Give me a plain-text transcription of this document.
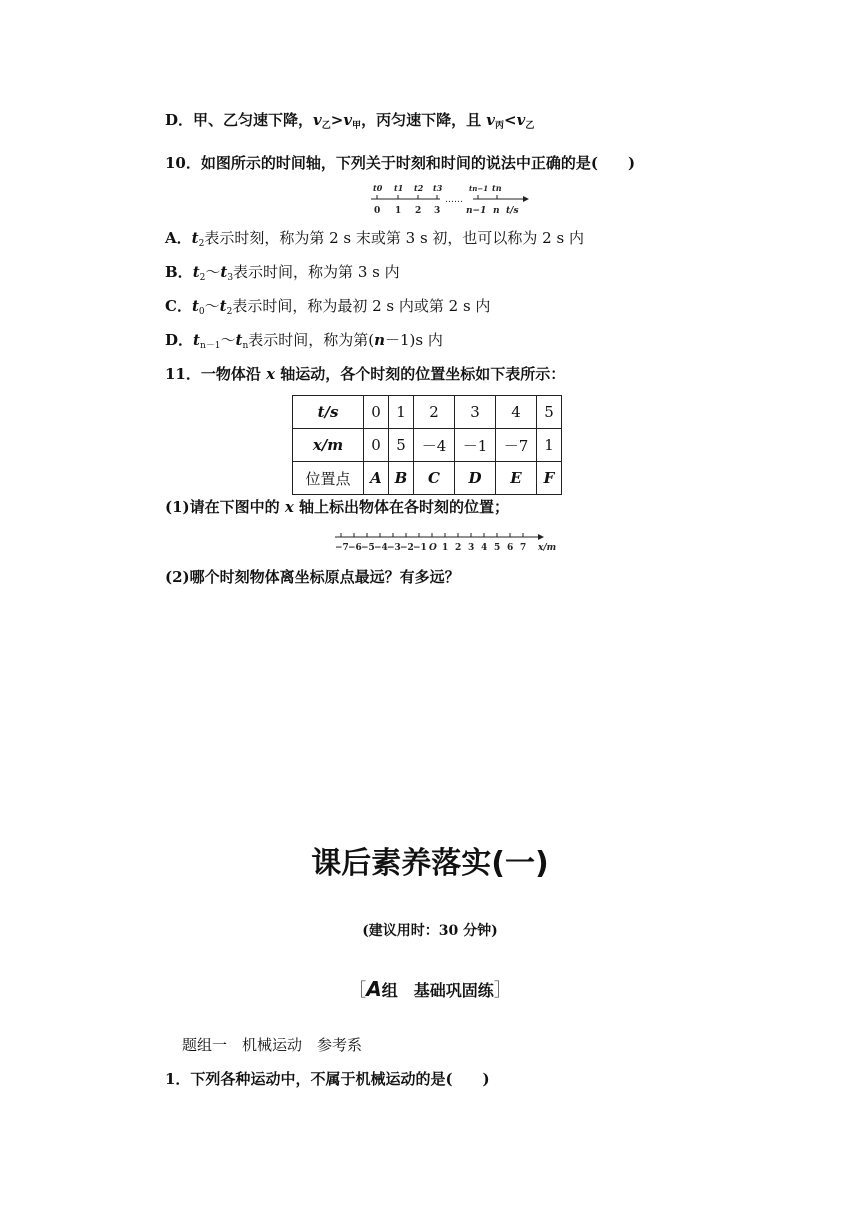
D．甲、乙匀速下降，$v_乙>v_甲$，丙匀速下降，且 $v_丙<v_乙$
10．如图所示的时间轴，下列关于时刻和时间的说法中正确的是(　　)
t0 t1 t2 t3	tn−1 tn
……
0 1 2 3	n−1 n t/s
A．$t_2$表示时刻，称为第 2 s 末或第 3 s 初，也可以称为 2 s 内
B．$t_2\sim t_3$表示时间，称为第 3 s 内
C．$t_0\sim t_2$表示时间，称为最初 2 s 内或第 2 s 内
D．$t_{n-1}\sim t_n$表示时间，称为第(n－1)s 内
11．一物体沿 x 轴运动，各个时刻的位置坐标如下表所示：
t/s	0	1	2	3	4	5
x/m	0	5	－4	－1	－7	1
位置点	A	B	C	D	E	F
(1)请在下图中的 x 轴上标出物体在各时刻的位置；
−7 −6 −5 −4 −3 −2 −1 O 1 2 3 4 5 6 7 x/m
(2)哪个时刻物体离坐标原点最远？有多远？
课后素养落实(一)
(建议用时：30 分钟)
［A组　基础巩固练］
题组一　机械运动　参考系
1．下列各种运动中，不属于机械运动的是(　　)
